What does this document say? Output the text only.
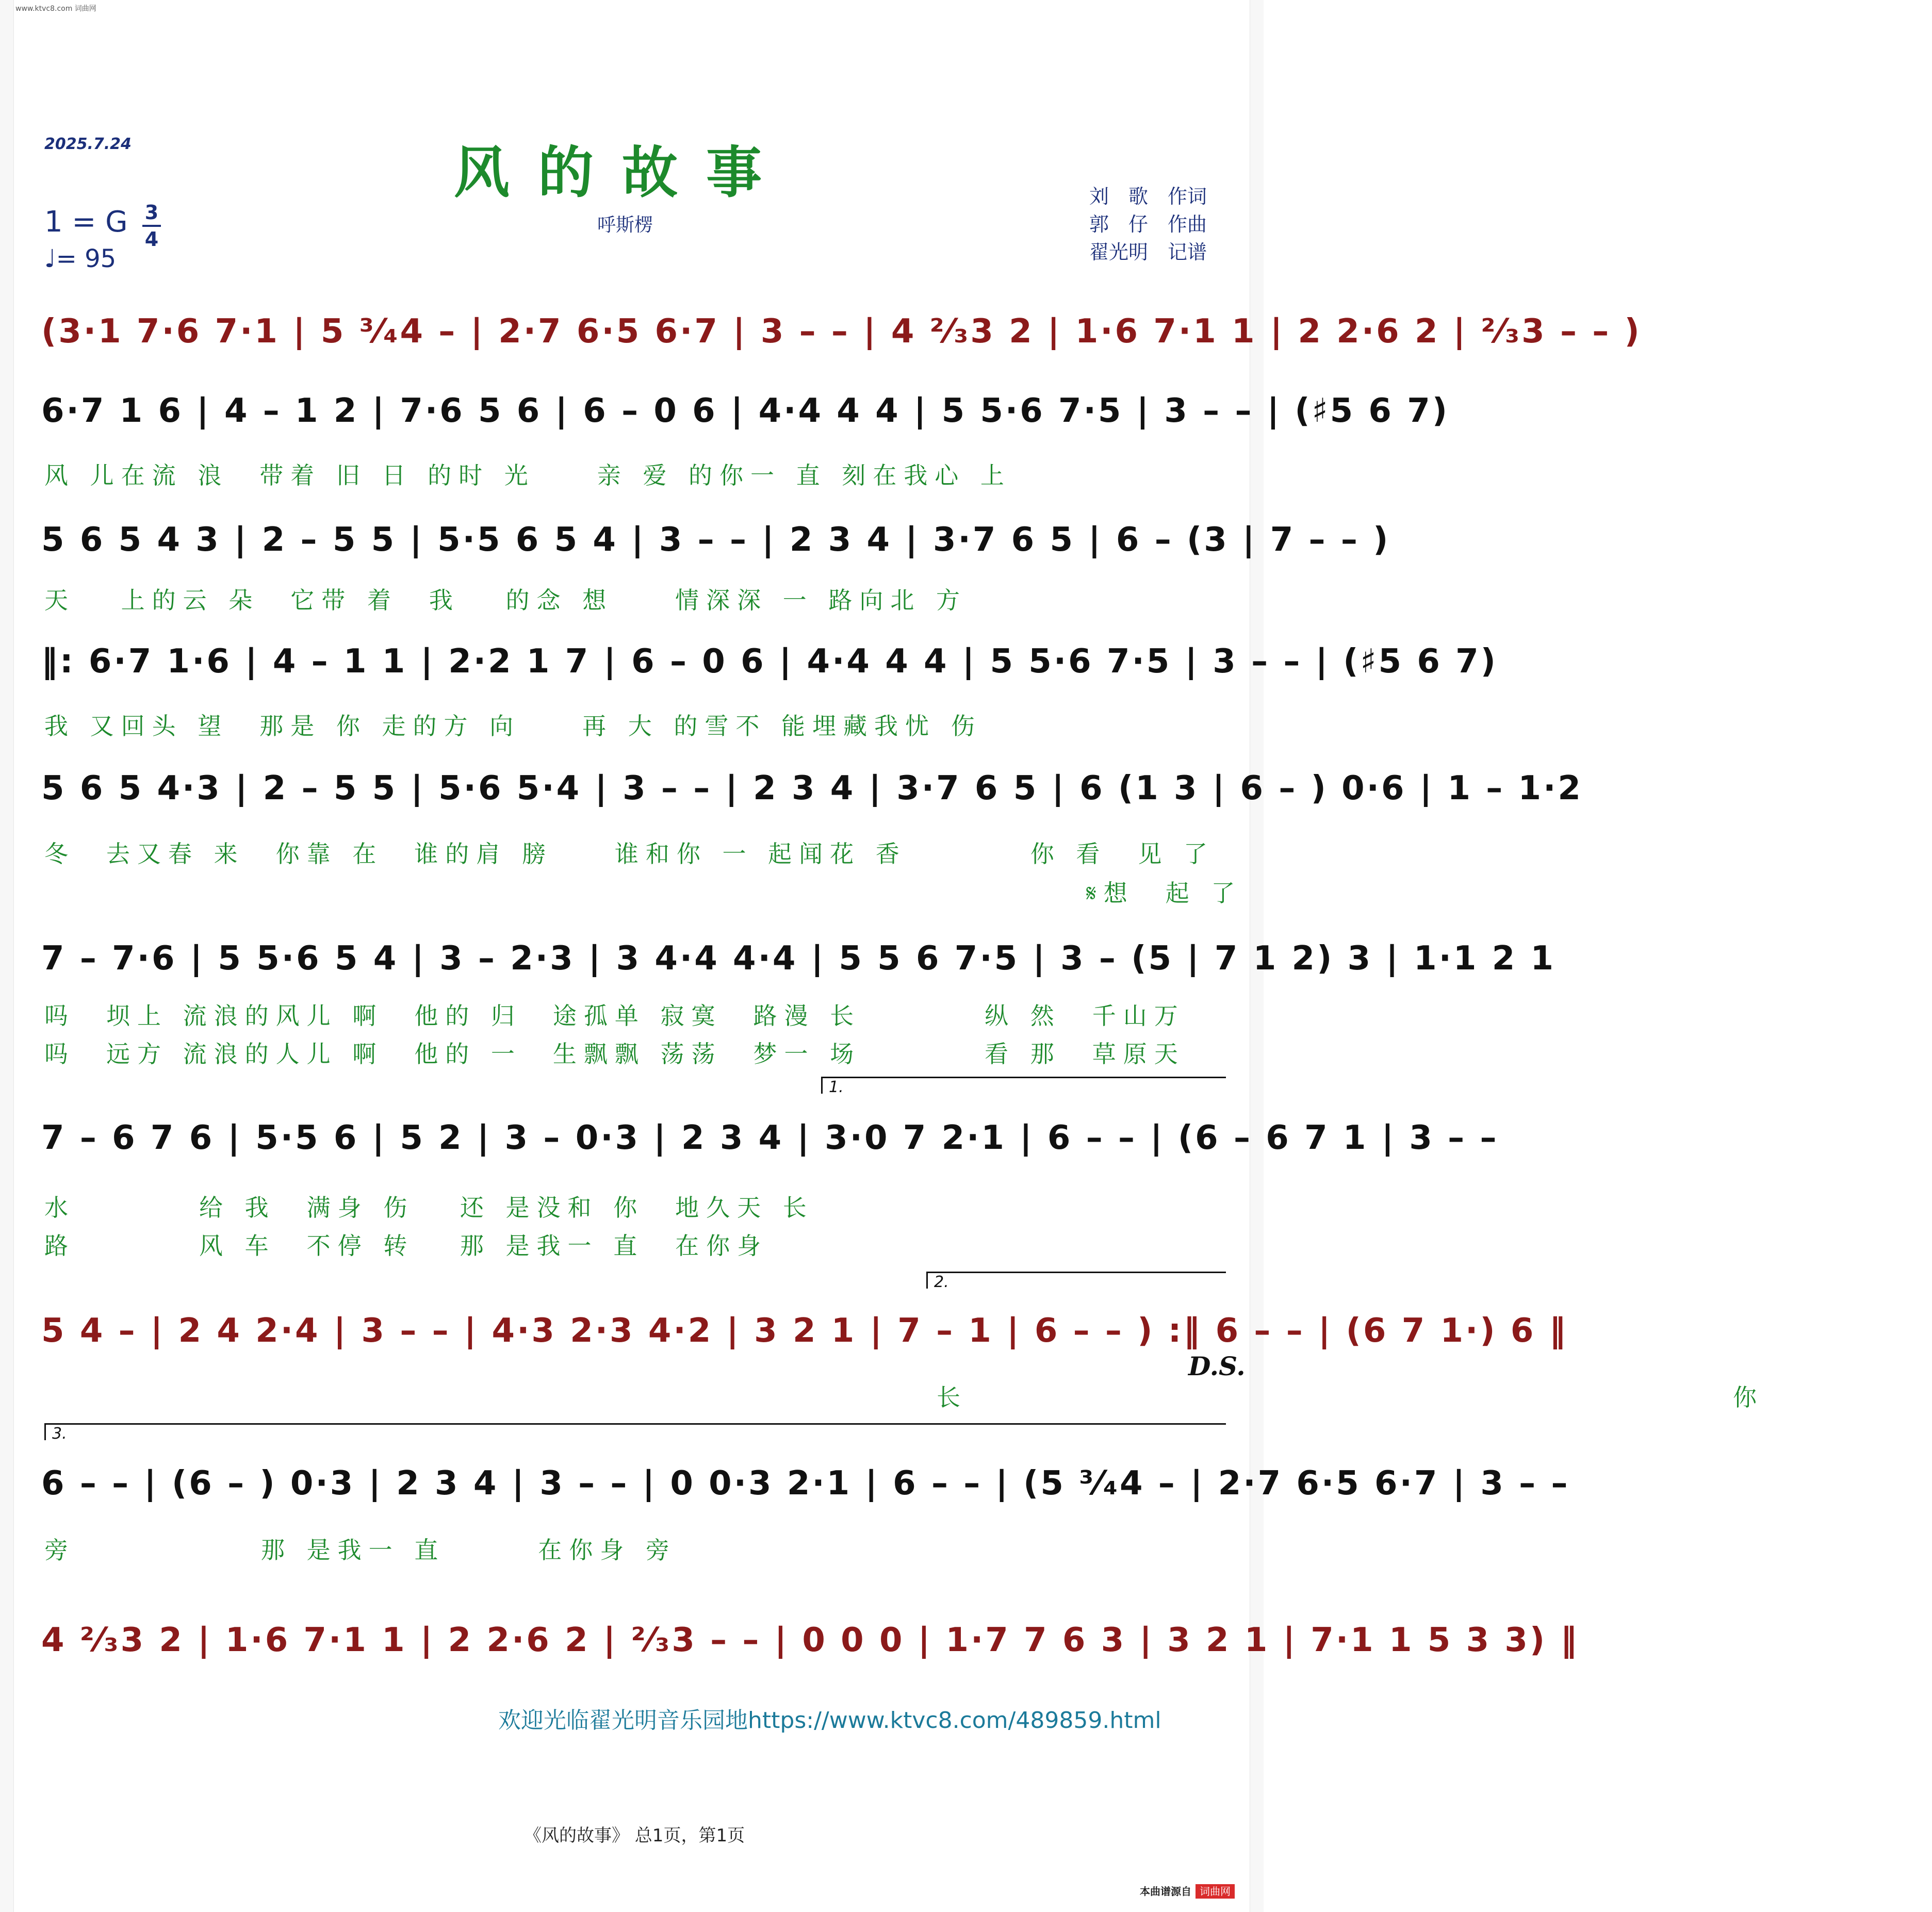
www.ktvc8.com 词曲网
2025.7.24	风的故事
呼斯楞
1 = G 3
4
♩= 95
刘　歌　作词
郭　仔　作曲
翟光明　记谱
(3·1 7·6 7·1 | 5 ³⁄₄4 – | 2·7 6·5 6·7 | 3 – – | 4 ²⁄₃3 2 | 1·6 7·1 1 | 2 2·6 2 | ²⁄₃3 – – )
6·7 1 6 | 4 – 1 2 | 7·6 5 6 | 6 – 0 6 | 4·4 4 4 | 5 5·6 7·5 | 3 – – | (♯5 6 7)
风 儿在流 浪　带着 旧 日 的时 光　　亲 爱 的你一 直 刻在我心 上
5 6 5 4 3 | 2 – 5 5 | 5·5 6 5 4 | 3 – – | 2 3 4 | 3·7 6 5 | 6 – (3 | 7 – – )
天　 上的云 朵　它带 着　我　 的念 想　　情深深 一 路向北 方
‖: 6·7 1·6 | 4 – 1 1 | 2·2 1 7 | 6 – 0 6 | 4·4 4 4 | 5 5·6 7·5 | 3 – – | (♯5 6 7)
我 又回头 望　那是 你 走的方 向　　再 大 的雪不 能埋藏我忧 伤
5 6 5 4·3 | 2 – 5 5 | 5·6 5·4 | 3 – – | 2 3 4 | 3·7 6 5 | 6 (1 3 | 6 – ) 0·6 | 1 – 1·2
冬　去又春 来　你靠 在　谁的肩 膀　　谁和你 一 起闻花 香　　　　你 看　见 了
𝄋想　起 了
7 – 7·6 | 5 5·6 5 4 | 3 – 2·3 | 3 4·4 4·4 | 5 5 6 7·5 | 3 – (5 | 7 1 2) 3 | 1·1 2 1
吗　坝上 流浪的风儿 啊　他的 归　途孤单 寂寞　路漫 长　　　　纵 然　千山万
吗　远方 流浪的人儿 啊　他的 一　生飘飘 荡荡　梦一 场　　　　看 那　草原天
1.
7 – 6 7 6 | 5·5 6 | 5 2 | 3 – 0·3 | 2 3 4 | 3·0 7 2·1 | 6 – – | (6 – 6 7 1 | 3 – –
水　　　　给 我　满身 伤　 还 是没和 你　地久天 长
路　　　　风 车　不停 转　 那 是我一 直　在你身
2.
5 4 – | 2 4 2·4 | 3 – – | 4·3 2·3 4·2 | 3 2 1 | 7 – 1 | 6 – – ) :‖ 6 – – | (6 7 1·) 6 ‖
长　　　你
D.S.
3.
6 – – | (6 – ) 0·3 | 2 3 4 | 3 – – | 0 0·3 2·1 | 6 – – | (5 ³⁄₄4 – | 2·7 6·5 6·7 | 3 – –
旁　　　　　　那 是我一 直　　　在你身 旁
4 ²⁄₃3 2 | 1·6 7·1 1 | 2 2·6 2 | ²⁄₃3 – – | 0 0 0 | 1·7 7 6 3 | 3 2 1 | 7·1 1 5 3 3) ‖
欢迎光临翟光明音乐园地https://www.ktvc8.com/489859.html
《风的故事》 总1页，第1页
本曲谱源自 词曲网
